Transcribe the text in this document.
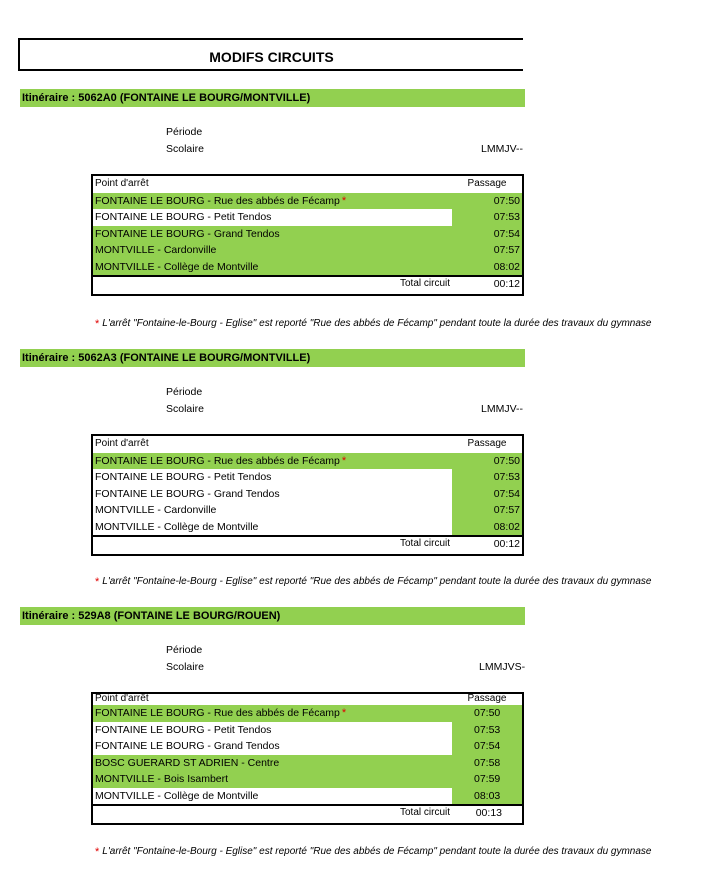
MODIFS CIRCUITS
Itinéraire : 5062A0 (FONTAINE LE BOURG/MONTVILLE)
Période
Scolaire	LMMJV--
Point d'arrêt	Passage
FONTAINE LE BOURG - Rue des abbés de Fécamp *	07:50
FONTAINE LE BOURG - Petit Tendos	07:53
FONTAINE LE BOURG - Grand Tendos	07:54
MONTVILLE - Cardonville	07:57
MONTVILLE - Collège de Montville	08:02
Total circuit	00:12
* L'arrêt "Fontaine-le-Bourg - Eglise" est reporté "Rue des abbés de Fécamp" pendant toute la durée des travaux du gymnase
Itinéraire : 5062A3 (FONTAINE LE BOURG/MONTVILLE)
Période
Scolaire	LMMJV--
Point d'arrêt	Passage
FONTAINE LE BOURG - Rue des abbés de Fécamp *	07:50
FONTAINE LE BOURG - Petit Tendos	07:53
FONTAINE LE BOURG - Grand Tendos	07:54
MONTVILLE - Cardonville	07:57
MONTVILLE - Collège de Montville	08:02
Total circuit	00:12
* L'arrêt "Fontaine-le-Bourg - Eglise" est reporté "Rue des abbés de Fécamp" pendant toute la durée des travaux du gymnase
Itinéraire : 529A8 (FONTAINE LE BOURG/ROUEN)
Période
Scolaire	LMMJVS-
Point d'arrêt	Passage
FONTAINE LE BOURG - Rue des abbés de Fécamp *	07:50
FONTAINE LE BOURG - Petit Tendos	07:53
FONTAINE LE BOURG - Grand Tendos	07:54
BOSC GUERARD ST ADRIEN - Centre	07:58
MONTVILLE - Bois Isambert	07:59
MONTVILLE - Collège de Montville	08:03
Total circuit 00:13
* L'arrêt "Fontaine-le-Bourg - Eglise" est reporté "Rue des abbés de Fécamp" pendant toute la durée des travaux du gymnase
